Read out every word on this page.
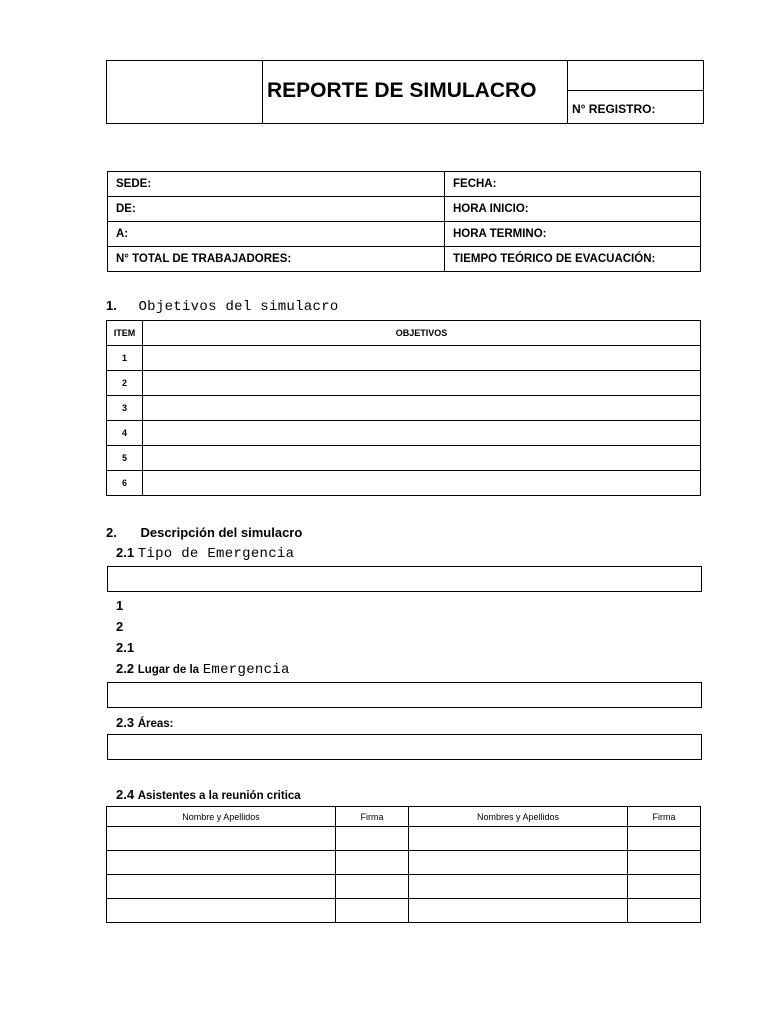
REPORTE DE SIMULACRO

N° REGISTRO:
SEDE:	FECHA:
DE:	HORA INICIO:
A:	HORA TERMINO:
N° TOTAL DE TRABAJADORES:	TIEMPO TEÓRICO DE EVACUACIÓN:
1. Objetivos del simulacro
ITEM	OBJETIVOS
1	
2	
3	
4	
5	
6	
2. Descripción del simulacro
2.1 Tipo de Emergencia
1
2
2.1
2.2 Lugar de la Emergencia
2.3 Áreas:
2.4 Asistentes a la reunión critica
Nombre y Apellidos	Firma	Nombres y Apellidos	Firma
